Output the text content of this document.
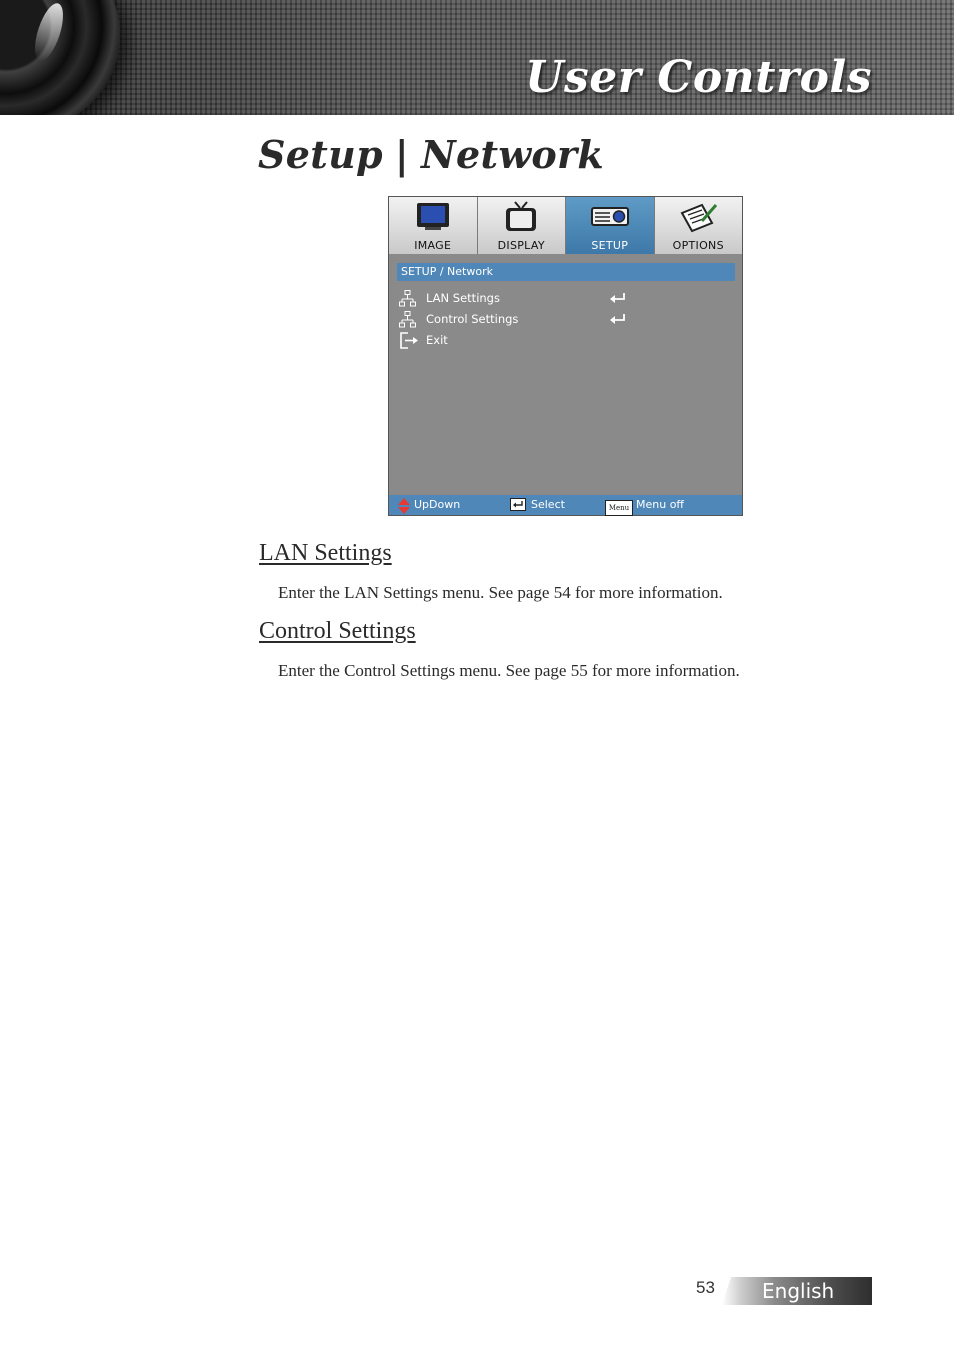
User Controls
Setup | Network
IMAGE	DISPLAY	SETUP	OPTIONS
SETUP / Network
LAN Settings
Control Settings
Exit
UpDown	Select	Menu Menu off
LAN Settings
Enter the LAN Settings menu. See page 54 for more information.
Control Settings
Enter the Control Settings menu. See page 55 for more information.
53 English
